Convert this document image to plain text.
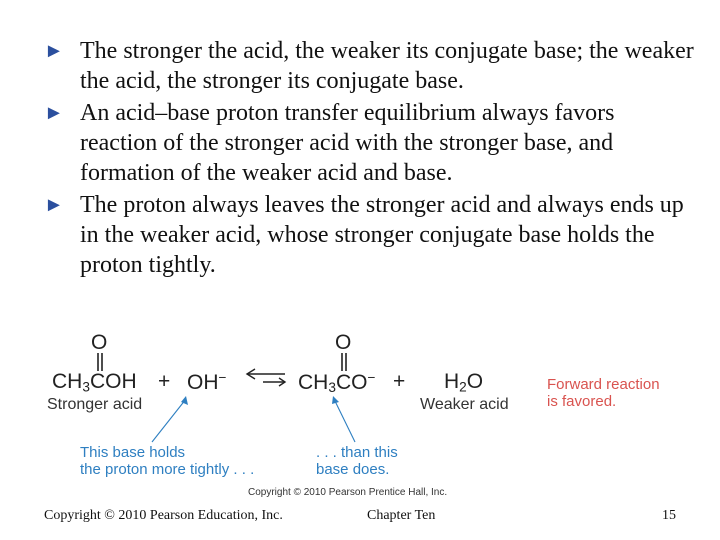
► The stronger the acid, the weaker its conjugate base; the weaker the acid, the stronger its conjugate base.
► An acid–base proton transfer equilibrium always favors reaction of the stronger acid with the stronger base, and formation of the weaker acid and base.
► The proton always leaves the stronger acid and always ends up in the weaker acid, whose stronger conjugate base holds the proton tightly.
O	O
$CH_3COH + OH^-$ ⇌ $CH_3CO^- + H_2O$
Stronger acid	Weaker acid
Forward reaction
is favored.
This base holds
the proton more tightly . . .
. . . than this
base does.
Copyright © 2010 Pearson Prentice Hall, Inc.
Copyright © 2010 Pearson Education, Inc.	Chapter Ten	15
